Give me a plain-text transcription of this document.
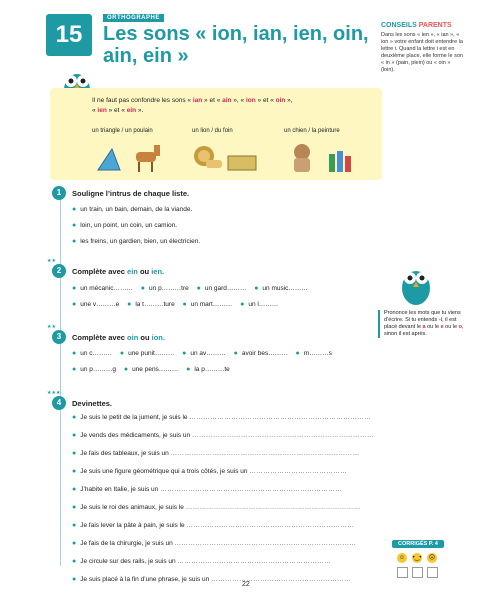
15
ORTHOGRAPHE
Les sons « ion, ian, ien, oin, ain, ein »
CONSEILS PARENTS
Dans les sons « ien », « ian », « ion » votre enfant doit entendre la lettre i. Quand la lettre i est en deuxième place, elle forme le son « in » (pain, plein) ou « oin » (loin).
Il ne faut pas confondre les sons « ian » et « ain », « ion » et « oin »,
« ien » et « ein ».
un triangle / un poulain	un lion / du foin	un chien / la peinture
1	Souligne l’intrus de chaque liste.
● un train, un bain, demain, de la viande.
● loin, un point, un coin, un camion.
● les freins, un gardien, bien, un électricien.
★★
2	Complète avec ein ou ien.
● un mécanic……… ● un p………tre ● un gard……… ● un music………
● une v………e ● la t………ture ● un mart……… ● un l………
★★
3	Complète avec oin ou ion.
● un c……… ● une punit……… ● un av……… ● avoir bes……… ● m………s
● un p………g ● une pens……… ● la p………te
Prononce les mots que tu viens d’écrire. Si tu entends -i, il est placé devant le a ou le e ou le o, sinon il est après.
★★★
4	Devinettes.
● Je suis le petit de la jument, je suis le ……………………………………………………………………
● Je vends des médicaments, je suis un ……………………………………………………………………
● Je fais des tableaux, je suis un ………………………………………………………………………
● Je suis une figure géométrique qui a trois côtés, je suis un ……………………………………
● J’habite en Italie, je suis un ……………………………………………………………………
● Je suis le roi des animaux, je suis le …………………………………………………………………
● Je fais lever la pâte à pain, je suis le ………………………………………………………………
● Je fais de la chirurgie, je suis un ……………………………………………………………………
● Je circule sur des rails, je suis un …………………………………………………………
● Je suis placé à la fin d’une phrase, je suis un ……………………………………………………
CORRIGÉS P. 4
☺	•‿•	☹
22
